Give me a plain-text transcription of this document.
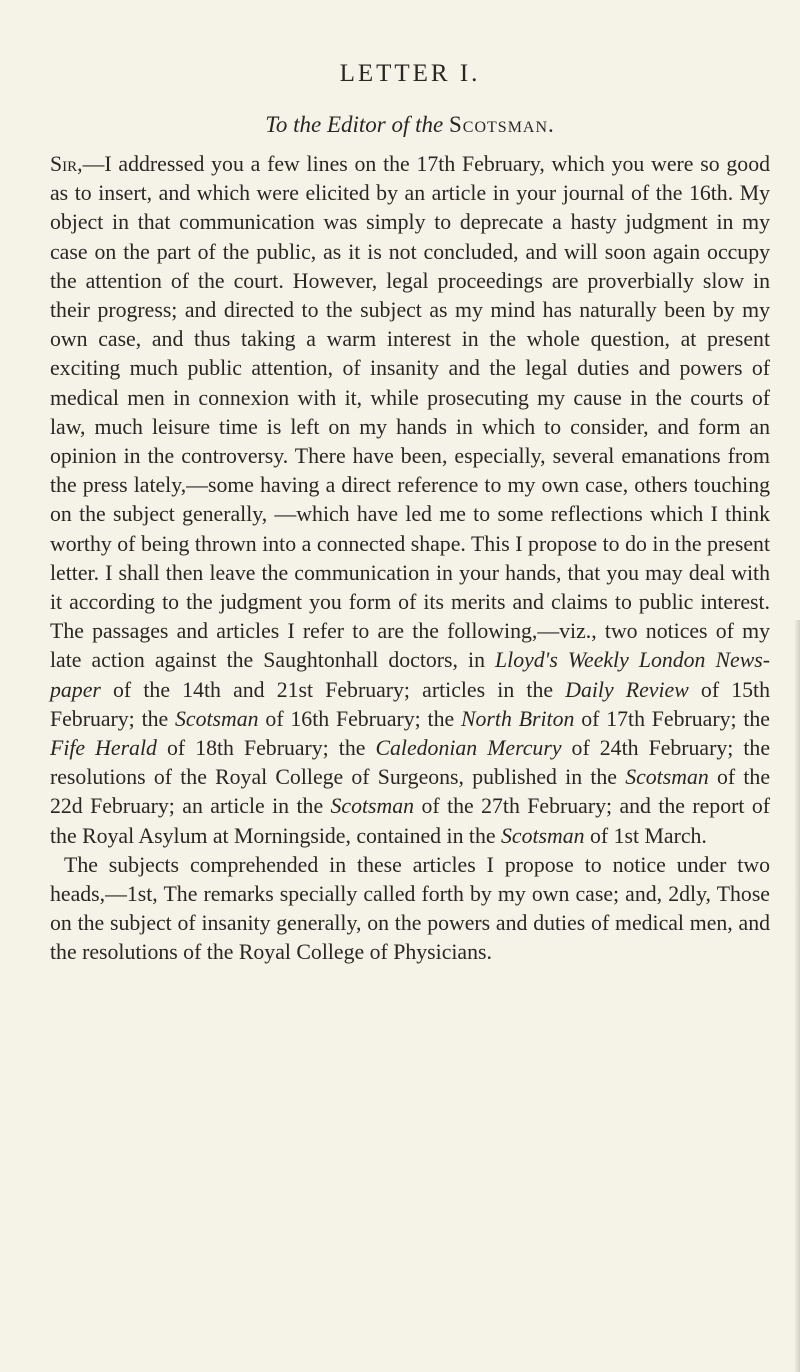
LETTER I.
To the Editor of the Scotsman.

Sir,—I addressed you a few lines on the 17th February, which you were so good as to insert, and which were elicited by an article in your journal of the 16th. My object in that communication was simply to deprecate a hasty judgment in my case on the part of the public, as it is not concluded, and will soon again occupy the attention of the court. However, legal proceedings are proverbially slow in their progress; and directed to the subject as my mind has naturally been by my own case, and thus taking a warm interest in the whole question, at present exciting much public attention, of insanity and the legal duties and powers of medical men in connexion with it, while prosecuting my cause in the courts of law, much leisure time is left on my hands in which to consider, and form an opinion in the controversy. There have been, especially, several emanations from the press lately,—some having a direct reference to my own case, others touching on the subject generally, —which have led me to some reflections which I think worthy of being thrown into a connected shape. This I propose to do in the present letter. I shall then leave the communication in your hands, that you may deal with it according to the judgment you form of its merits and claims to public interest. The passages and articles I refer to are the following,—viz., two notices of my late action against the Saughtonhall doctors, in Lloyd's Weekly London News-paper of the 14th and 21st February; articles in the Daily Review of 15th February; the Scotsman of 16th February; the North Briton of 17th February; the Fife Herald of 18th February; the Caledonian Mercury of 24th February; the resolutions of the Royal College of Surgeons, published in the Scotsman of the 22d February; an article in the Scotsman of the 27th February; and the report of the Royal Asylum at Morningside, contained in the Scotsman of 1st March.

The subjects comprehended in these articles I propose to notice under two heads,—1st, The remarks specially called forth by my own case; and, 2dly, Those on the subject of insanity generally, on the powers and duties of medical men, and the resolutions of the Royal College of Physicians.
